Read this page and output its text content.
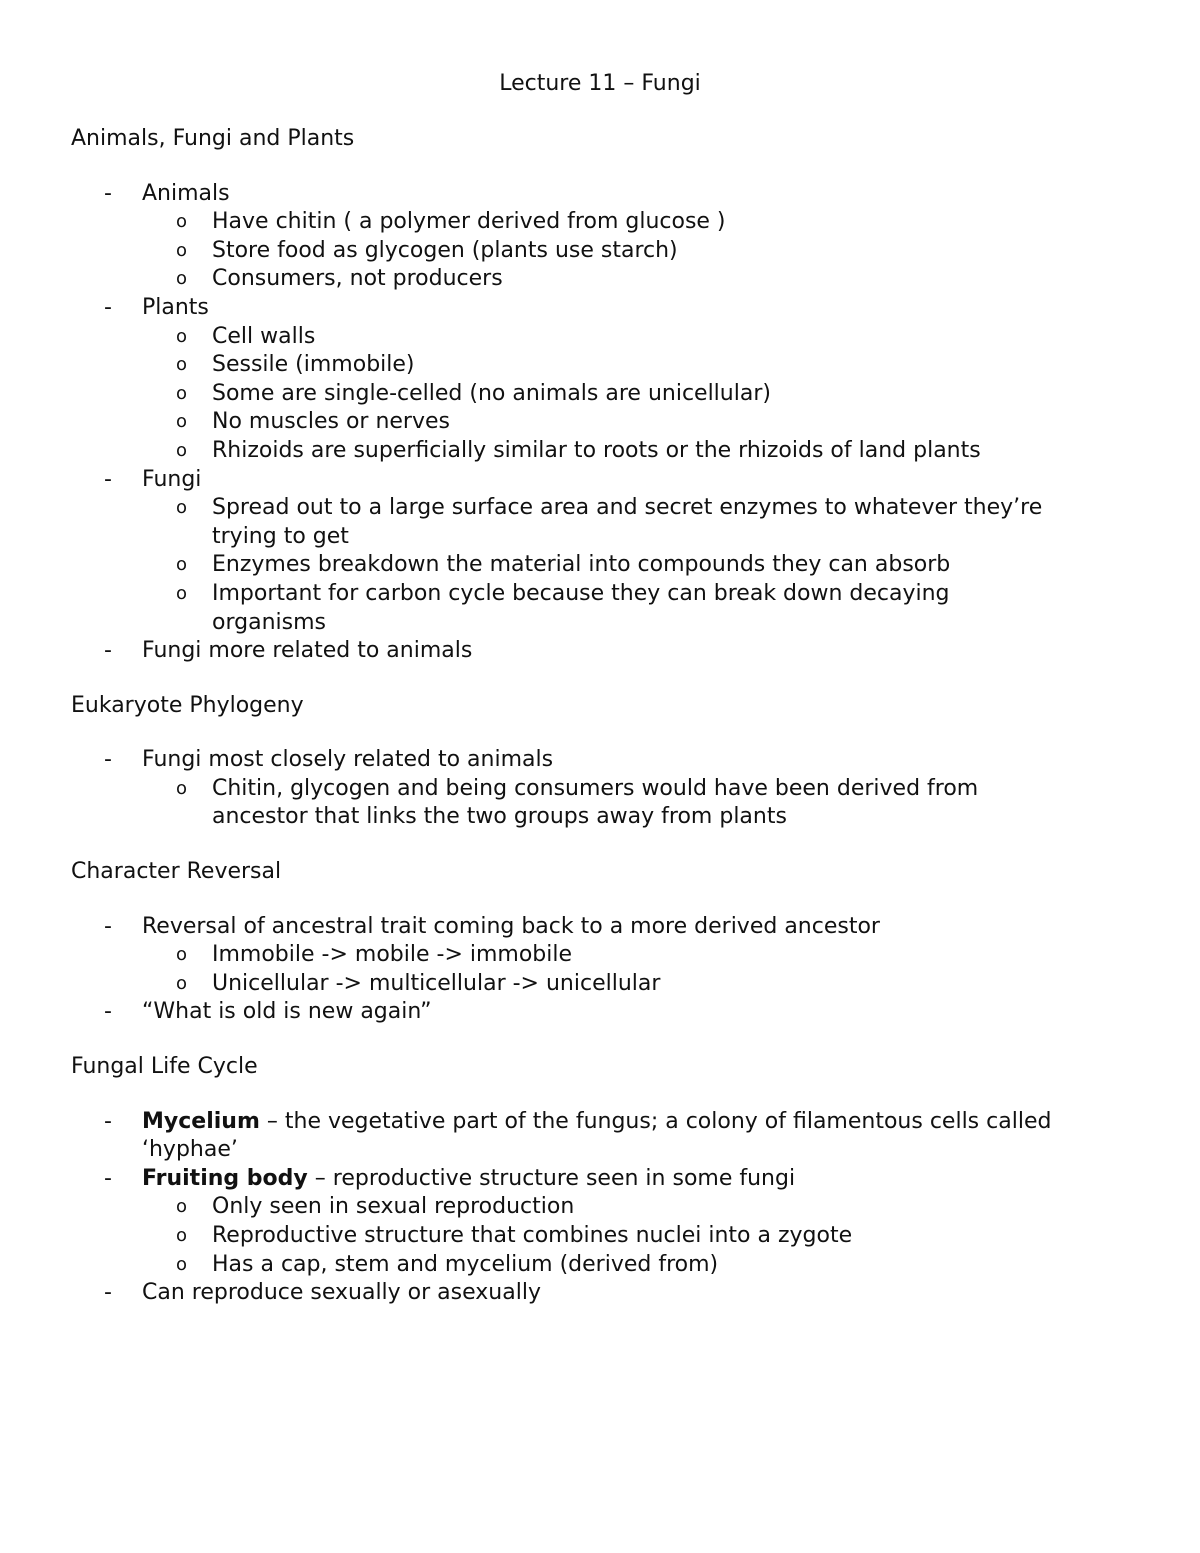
Lecture 11 – Fungi
Animals, Fungi and Plants
- Animals
o Have chitin ( a polymer derived from glucose )
o Store food as glycogen (plants use starch)
o Consumers, not producers
- Plants
o Cell walls
o Sessile (immobile)
o Some are single-celled (no animals are unicellular)
o No muscles or nerves
o Rhizoids are superficially similar to roots or the rhizoids of land plants
- Fungi
o Spread out to a large surface area and secret enzymes to whatever they’re
trying to get
o Enzymes breakdown the material into compounds they can absorb
o Important for carbon cycle because they can break down decaying
organisms
- Fungi more related to animals
Eukaryote Phylogeny
- Fungi most closely related to animals
o Chitin, glycogen and being consumers would have been derived from
ancestor that links the two groups away from plants
Character Reversal
- Reversal of ancestral trait coming back to a more derived ancestor
o Immobile -> mobile -> immobile
o Unicellular -> multicellular -> unicellular
- “What is old is new again”
Fungal Life Cycle
- Mycelium – the vegetative part of the fungus; a colony of filamentous cells called
‘hyphae’
- Fruiting body – reproductive structure seen in some fungi
o Only seen in sexual reproduction
o Reproductive structure that combines nuclei into a zygote
o Has a cap, stem and mycelium (derived from)
- Can reproduce sexually or asexually
